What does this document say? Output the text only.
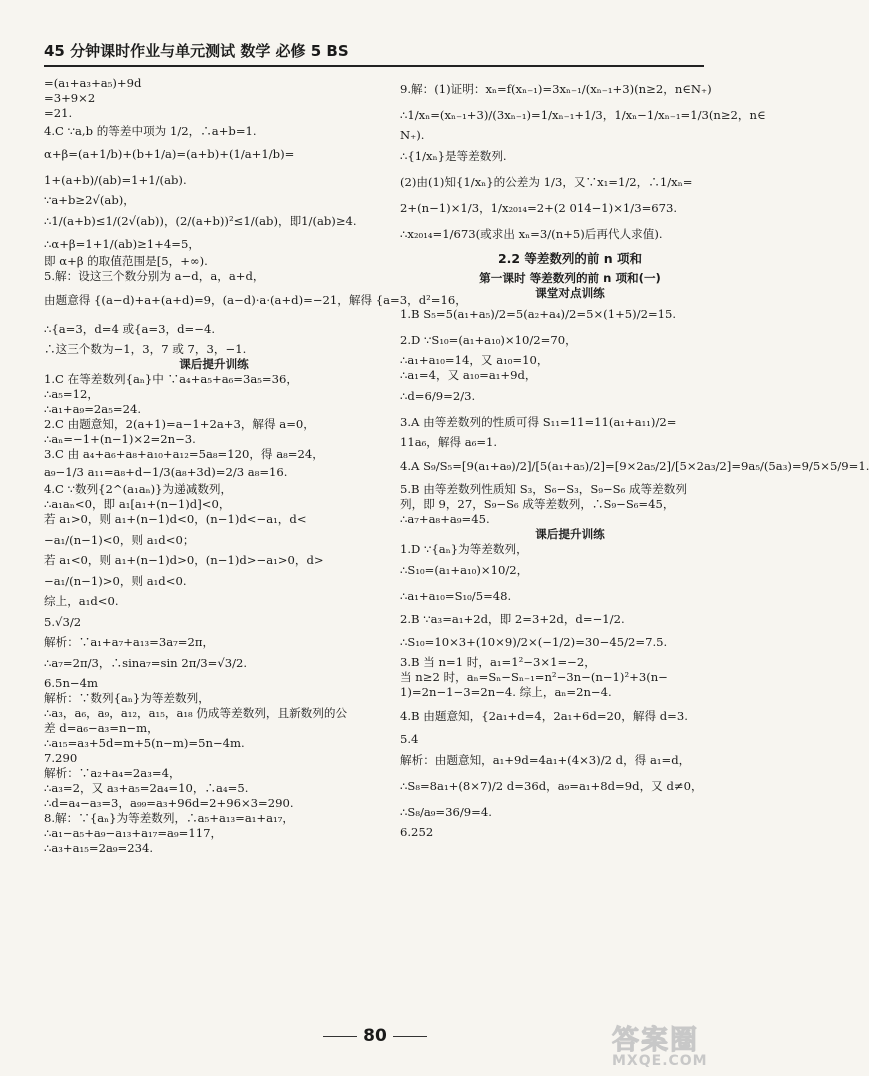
45 分钟课时作业与单元测试 数学 必修 5 BS
=(a₁+a₃+a₅)+9d
=3+9×2
=21.
4.C ∵a,b 的等差中项为 1/2，∴a+b=1.
α+β=(a+1/b)+(b+1/a)=(a+b)+(1/a+1/b)=
1+(a+b)/(ab)=1+1/(ab).
∵a+b≥2√(ab)，
∴1/(a+b)≤1/(2√(ab))，(2/(a+b))²≤1/(ab)，即1/(ab)≥4.
∴α+β=1+1/(ab)≥1+4=5，
即 α+β 的取值范围是[5，+∞).
5.解：设这三个数分别为 a−d，a，a+d，
由题意得 {(a−d)+a+(a+d)=9，(a−d)·a·(a+d)=−21，解得 {a=3，d²=16，
∴{a=3，d=4 或{a=3，d=−4.
∴这三个数为−1，3，7 或 7，3，−1.
课后提升训练
1.C 在等差数列{aₙ}中 ∵a₄+a₅+a₆=3a₅=36，
∴a₅=12，
∴a₁+a₉=2a₅=24.
2.C 由题意知，2(a+1)=a−1+2a+3，解得 a=0，
∴aₙ=−1+(n−1)×2=2n−3.
3.C 由 a₄+a₆+a₈+a₁₀+a₁₂=5a₈=120，得 a₈=24，
a₉−1/3 a₁₁=a₈+d−1/3(a₈+3d)=2/3 a₈=16.
4.C ∵数列{2^(a₁aₙ)}为递减数列，
∴a₁aₙ<0，即 a₁[a₁+(n−1)d]<0，
若 a₁>0，则 a₁+(n−1)d<0，(n−1)d<−a₁，d<
−a₁/(n−1)<0，则 a₁d<0；
若 a₁<0，则 a₁+(n−1)d>0，(n−1)d>−a₁>0，d>
−a₁/(n−1)>0，则 a₁d<0.
综上，a₁d<0.
5.√3/2
解析：∵a₁+a₇+a₁₃=3a₇=2π，
∴a₇=2π/3，∴sina₇=sin 2π/3=√3/2.
6.5n−4m
解析：∵数列{aₙ}为等差数列，
∴a₃，a₆，a₉，a₁₂，a₁₅，a₁₈ 仍成等差数列，且新数列的公
差 d=a₆−a₃=n−m，
∴a₁₅=a₃+5d=m+5(n−m)=5n−4m.
7.290
解析：∵a₂+a₄=2a₃=4，
∴a₃=2，又 a₃+a₅=2a₄=10，∴a₄=5.
∴d=a₄−a₃=3，a₉₉=a₃+96d=2+96×3=290.
8.解：∵{aₙ}为等差数列，∴a₅+a₁₃=a₁+a₁₇，
∴a₁−a₅+a₉−a₁₃+a₁₇=a₉=117，
∴a₃+a₁₅=2a₉=234.
9.解：(1)证明：xₙ=f(xₙ₋₁)=3xₙ₋₁/(xₙ₋₁+3)(n≥2，n∈N₊)
∴1/xₙ=(xₙ₋₁+3)/(3xₙ₋₁)=1/xₙ₋₁+1/3，1/xₙ−1/xₙ₋₁=1/3(n≥2，n∈
N₊).
∴{1/xₙ}是等差数列.
(2)由(1)知{1/xₙ}的公差为 1/3，又∵x₁=1/2，∴1/xₙ=
2+(n−1)×1/3，1/x₂₀₁₄=2+(2 014−1)×1/3=673.
∴x₂₀₁₄=1/673(或求出 xₙ=3/(n+5)后再代人求值).
2.2 等差数列的前 n 项和
第一课时 等差数列的前 n 项和(一)
课堂对点训练
1.B S₅=5(a₁+a₅)/2=5(a₂+a₄)/2=5×(1+5)/2=15.
2.D ∵S₁₀=(a₁+a₁₀)×10/2=70，
∴a₁+a₁₀=14，又 a₁₀=10，
∴a₁=4，又 a₁₀=a₁+9d，
∴d=6/9=2/3.
3.A 由等差数列的性质可得 S₁₁=11=11(a₁+a₁₁)/2=
11a₆，解得 a₆=1.
4.A S₉/S₅=[9(a₁+a₉)/2]/[5(a₁+a₅)/2]=[9×2a₅/2]/[5×2a₃/2]=9a₅/(5a₃)=9/5×5/9=1.
5.B 由等差数列性质知 S₃，S₆−S₃，S₉−S₆ 成等差数列
列，即 9，27，S₉−S₆ 成等差数列，∴S₉−S₆=45，
∴a₇+a₈+a₉=45.
课后提升训练
1.D ∵{aₙ}为等差数列，
∴S₁₀=(a₁+a₁₀)×10/2，
∴a₁+a₁₀=S₁₀/5=48.
2.B ∵a₃=a₁+2d，即 2=3+2d，d=−1/2.
∴S₁₀=10×3+(10×9)/2×(−1/2)=30−45/2=7.5.
3.B 当 n=1 时，a₁=1²−3×1=−2，
当 n≥2 时，aₙ=Sₙ−Sₙ₋₁=n²−3n−(n−1)²+3(n−
1)=2n−1−3=2n−4. 综上，aₙ=2n−4.
4.B 由题意知，{2a₁+d=4，2a₁+6d=20，解得 d=3.
5.4
解析：由题意知，a₁+9d=4a₁+(4×3)/2 d，得 a₁=d，
∴S₈=8a₁+(8×7)/2 d=36d，a₉=a₁+8d=9d，又 d≠0，
∴S₈/a₉=36/9=4.
6.252
80	答案圈
MXQE.COM
